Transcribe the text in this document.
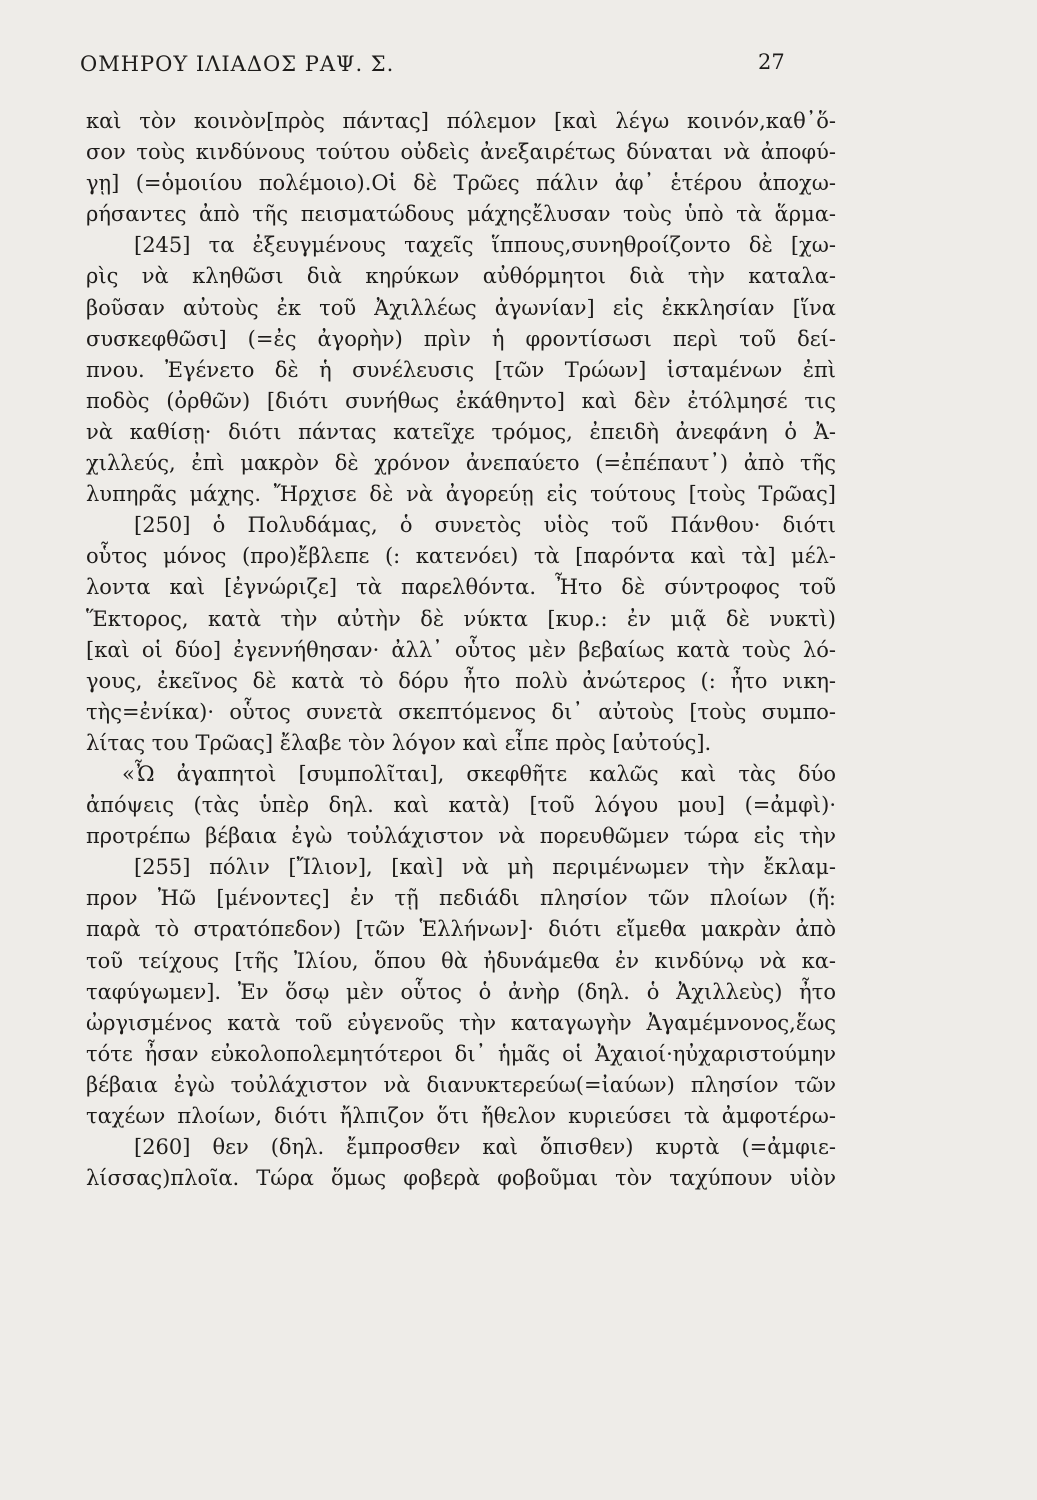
ΟΜΗΡΟΥ ΙΛΙΑΔΟΣ ΡΑΨ. Σ.	27
καὶ τὸν κοινὸν[πρὸς πάντας] πόλεμον [καὶ λέγω κοινόν,καθ᾽ὅ-
σον τοὺς κινδύνους τούτου οὐδεὶς ἀνεξαιρέτως δύναται νὰ ἀποφύ-
γῃ] (=ὁμοιίου πολέμοιο).Οἱ δὲ Τρῶες πάλιν ἀφ᾽ ἑτέρου ἀποχω-
ρήσαντες ἀπὸ τῆς πεισματώδους μάχηςἔλυσαν τοὺς ὑπὸ τὰ ἅρμα-
[245] τα ἐξευγμένους ταχεῖς ἵππους,συνηθροίζοντο δὲ [χω-
ρὶς νὰ κληθῶσι διὰ κηρύκων αὐθόρμητοι διὰ τὴν καταλα-
βοῦσαν αὐτοὺς ἐκ τοῦ Ἀχιλλέως ἀγωνίαν] εἰς ἐκκλησίαν [ἵνα
συσκεφθῶσι] (=ἐς ἀγορὴν) πρὶν ἡ φροντίσωσι περὶ τοῦ δεί-
πνου. Ἐγένετο δὲ ἡ συνέλευσις [τῶν Τρώων] ἱσταμένων ἐπὶ
ποδὸς (ὀρθῶν) [διότι συνήθως ἐκάθηντο] καὶ δὲν ἐτόλμησέ τις
νὰ καθίσῃ· διότι πάντας κατεῖχε τρόμος, ἐπειδὴ ἀνεφάνη ὁ Ἀ-
χιλλεύς, ἐπὶ μακρὸν δὲ χρόνον ἀνεπαύετο (=ἐπέπαυτ᾽) ἀπὸ τῆς
λυπηρᾶς μάχης. Ἤρχισε δὲ νὰ ἀγορεύῃ εἰς τούτους [τοὺς Τρῶας]
[250] ὁ Πολυδάμας, ὁ συνετὸς υἱὸς τοῦ Πάνθου· διότι
οὗτος μόνος (προ)ἔβλεπε (: κατενόει) τὰ [παρόντα καὶ τὰ] μέλ-
λοντα καὶ [ἐγνώριζε] τὰ παρελθόντα. Ἦτο δὲ σύντροφος τοῦ
Ἕκτορος, κατὰ τὴν αὐτὴν δὲ νύκτα [κυρ.: ἐν μιᾷ δὲ νυκτὶ)
[καὶ οἱ δύο] ἐγεννήθησαν· ἀλλ᾽ οὗτος μὲν βεβαίως κατὰ τοὺς λό-
γους, ἐκεῖνος δὲ κατὰ τὸ δόρυ ἦτο πολὺ ἀνώτερος (: ἦτο νικη-
τὴς=ἐνίκα)· οὗτος συνετὰ σκεπτόμενος δι᾽ αὐτοὺς [τοὺς συμπο-
λίτας του Τρῶας] ἔλαβε τὸν λόγον καὶ εἶπε πρὸς [αὐτούς].
«Ὦ ἀγαπητοὶ [συμπολῖται], σκεφθῆτε καλῶς καὶ τὰς δύο
ἀπόψεις (τὰς ὑπὲρ δηλ. καὶ κατὰ) [τοῦ λόγου μου] (=ἀμφὶ)·
προτρέπω βέβαια ἐγὼ τοὐλάχιστον νὰ πορευθῶμεν τώρα εἰς τὴν
[255] πόλιν [Ἴλιον], [καὶ] νὰ μὴ περιμένωμεν τὴν ἔκλαμ-
προν Ἠῶ [μένοντες] ἐν τῇ πεδιάδι πλησίον τῶν πλοίων (ἤ:
παρὰ τὸ στρατόπεδον) [τῶν Ἑλλήνων]· διότι εἴμεθα μακρὰν ἀπὸ
τοῦ τείχους [τῆς Ἰλίου, ὅπου θὰ ἠδυνάμεθα ἐν κινδύνῳ νὰ κα-
ταφύγωμεν]. Ἐν ὅσῳ μὲν οὗτος ὁ ἀνὴρ (δηλ. ὁ Ἀχιλλεὺς) ἦτο
ὠργισμένος κατὰ τοῦ εὐγενοῦς τὴν καταγωγὴν Ἀγαμέμνονος,ἕως
τότε ἦσαν εὐκολοπολεμητότεροι δι᾽ ἡμᾶς οἱ Ἀχαιοί·ηὐχαριστούμην
βέβαια ἐγὼ τοὐλάχιστον νὰ διανυκτερεύω(=ἰαύων) πλησίον τῶν
ταχέων πλοίων, διότι ἤλπιζον ὅτι ἤθελον κυριεύσει τὰ ἀμφοτέρω-
[260] θεν (δηλ. ἔμπροσθεν καὶ ὄπισθεν) κυρτὰ (=ἀμφιε-
λίσσας)πλοῖα. Τώρα ὅμως φοβερὰ φοβοῦμαι τὸν ταχύπουν υἱὸν
